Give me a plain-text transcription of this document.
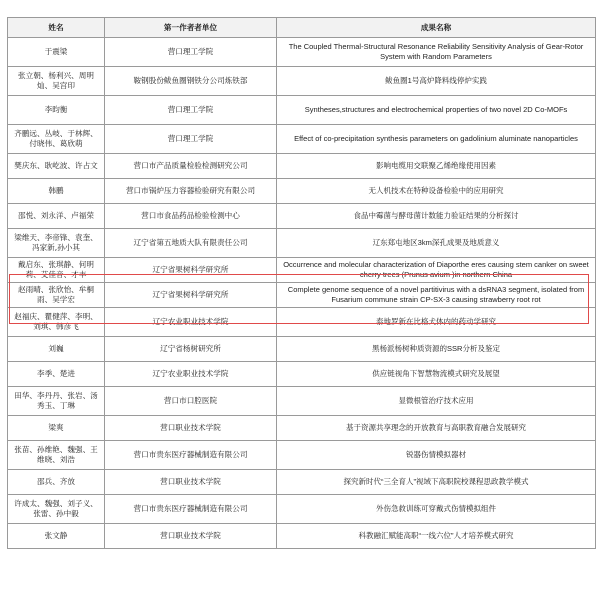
姓名	第一作者者单位	成果名称
于震梁	营口理工学院	The Coupled Thermal-Structural Resonance Reliability Sensitivity Analysis of Gear-Rotor System with Random Parameters
张立朝、杨利兴、周明灿、吴宫印	鞍钢股份鲅鱼圈钢铁分公司炼铁部	鲅鱼圈1号高炉降料线停炉实践
李昀衡	营口理工学院	Syntheses,structures and electrochemical properties of two novel 2D Co-MOFs
齐鹏远、丛岐、于林辉、付晓伟、葛欣萌	营口理工学院	Effect of co-precipitation synthesis parameters on gadolinium aluminate nanoparticles
樊庆东、耿屹波、许占文	营口市产品质量检验检测研究公司	影响电缆用交联聚乙烯绝缘使用因素
韩鹏	营口市锅炉压力容器检验研究有限公司	无人机技术在特种设备检验中的应用研究
邵悦、刘永洋、卢福荣	营口市食品药品检验检测中心	食品中霉菌与酵母菌计数能力验证结果的分析探讨
梁维天、李帝锋、袁奎、冯家新,孙小其	辽宁省第五地质大队有限责任公司	辽东郑屯地区3km深孔成果及地质意义
戴启东、张琪静、何明莉、艾佳音、才丰	辽宁省果树科学研究所	Occurrence and molecular characterization of Diaporthe eres causing stem canker on sweet cherry trees (Prunus avium )in northern China
赵雨晴、张欣怡、牟桐雨、吴学宏	辽宁省果树科学研究所	Complete genome sequence of a novel partitivirus with a dsRNA3 segment, isolated from Fusarium commune strain CP-SX-3 causing strawberry root rot
赵福庆、瞿健萍、李明、刘琪、韩彦飞	辽宁农业职业技术学院	泰地罗新在比格犬体内的药动学研究
刘巍	辽宁省杨树研究所	黑杨派杨树种质资源的SSR分析及鉴定
李季、楚进	辽宁农业职业技术学院	供应链视角下智慧物流模式研究及展望
田华、李丹丹、张岩、汤秀玉、丁琳	营口市口腔医院	显微根管治疗技术应用
梁爽	营口职业技术学院	基于资源共享理念的开放教育与高职教育融合发展研究
张苗、孙维艳、魏强、王维晓、刘浩	营口市贵东医疗器械制造有限公司	锐器伤情模拟器材
邵兵、齐放	营口职业技术学院	探究新时代“三全育人”视域下高职院校课程思政教学模式
许成太、魏强、刘子义、张雷、孙中毅	营口市贵东医疗器械制造有限公司	外伤急救训练可穿戴式伤情模拟组件
张文静	营口职业技术学院	科教融汇赋能高职“一线六位”人才培养模式研究
